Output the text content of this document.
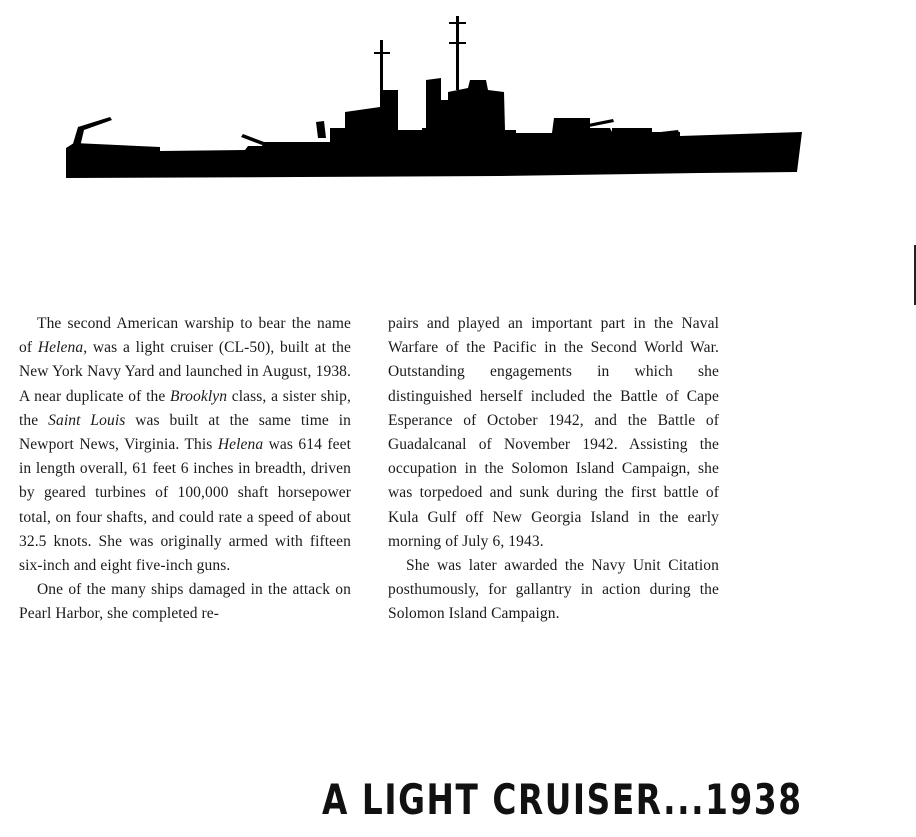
The second American warship to bear the name of Helena, was a light cruiser (CL-50), built at the New York Navy Yard and launched in August, 1938. A near duplicate of the Brooklyn class, a sister ship, the Saint Louis was built at the same time in Newport News, Virginia. This Helena was 614 feet in length overall, 61 feet 6 inches in breadth, driven by geared turbines of 100,000 shaft horsepower total, on four shafts, and could rate a speed of about 32.5 knots. She was originally armed with fifteen six-inch and eight five-inch guns.

One of the many ships damaged in the attack on Pearl Harbor, she completed re-

pairs and played an important part in the Naval Warfare of the Pacific in the Second World War. Outstanding engagements in which she distinguished herself included the Battle of Cape Esperance of October 1942, and the Battle of Guadalcanal of November 1942. Assisting the occupation in the Solomon Island Campaign, she was torpedoed and sunk during the first battle of Kula Gulf off New Georgia Island in the early morning of July 6, 1943.

She was later awarded the Navy Unit Citation posthumously, for gallantry in action during the Solomon Island Campaign.

A LIGHT CRUISER...1938
